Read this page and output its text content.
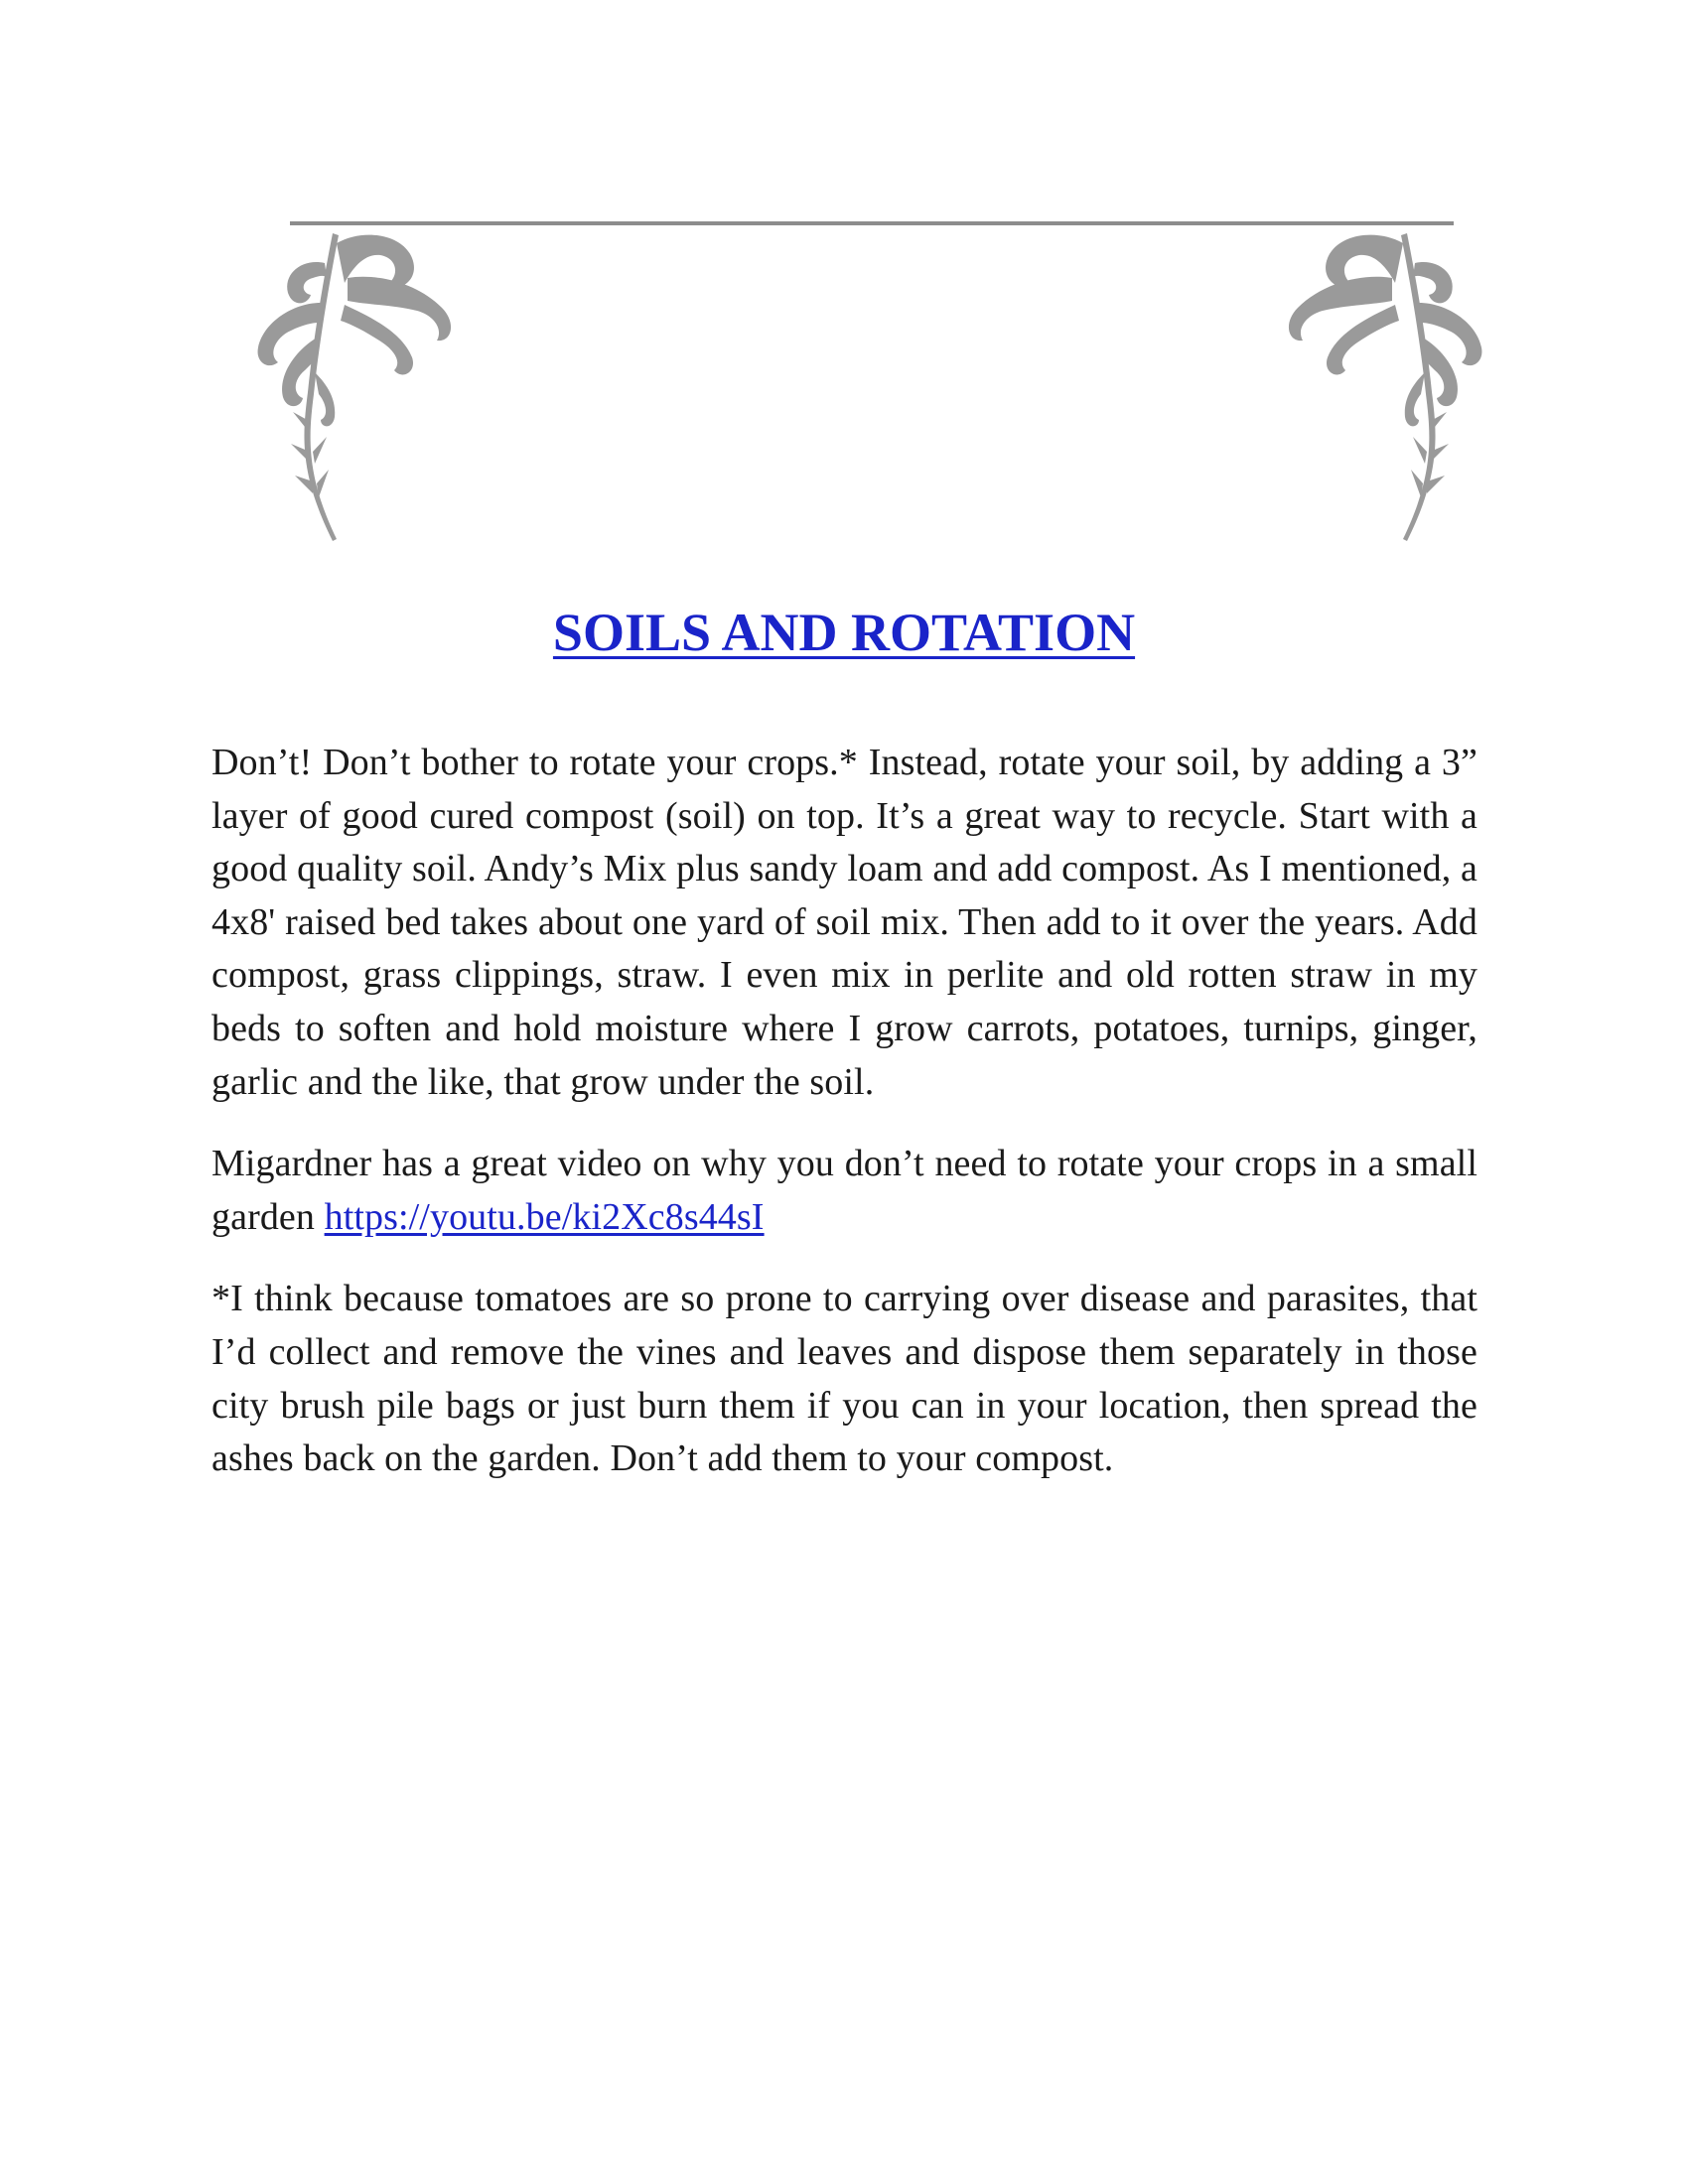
SOILS AND ROTATION

Don’t! Don’t bother to rotate your crops.* Instead, rotate your soil, by adding a 3” layer of good cured compost (soil) on top. It’s a great way to recycle. Start with a good quality soil. Andy’s Mix plus sandy loam and add compost. As I mentioned, a 4x8' raised bed takes about one yard of soil mix. Then add to it over the years. Add compost, grass clippings, straw. I even mix in perlite and old rotten straw in my beds to soften and hold moisture where I grow carrots, potatoes, turnips, ginger, garlic and the like, that grow under the soil.

Migardner has a great video on why you don’t need to rotate your crops in a small garden https://youtu.be/ki2Xc8s44sI

*I think because tomatoes are so prone to carrying over disease and parasites, that I’d collect and remove the vines and leaves and dispose them separately in those city brush pile bags or just burn them if you can in your location, then spread the ashes back on the garden. Don’t add them to your compost.
